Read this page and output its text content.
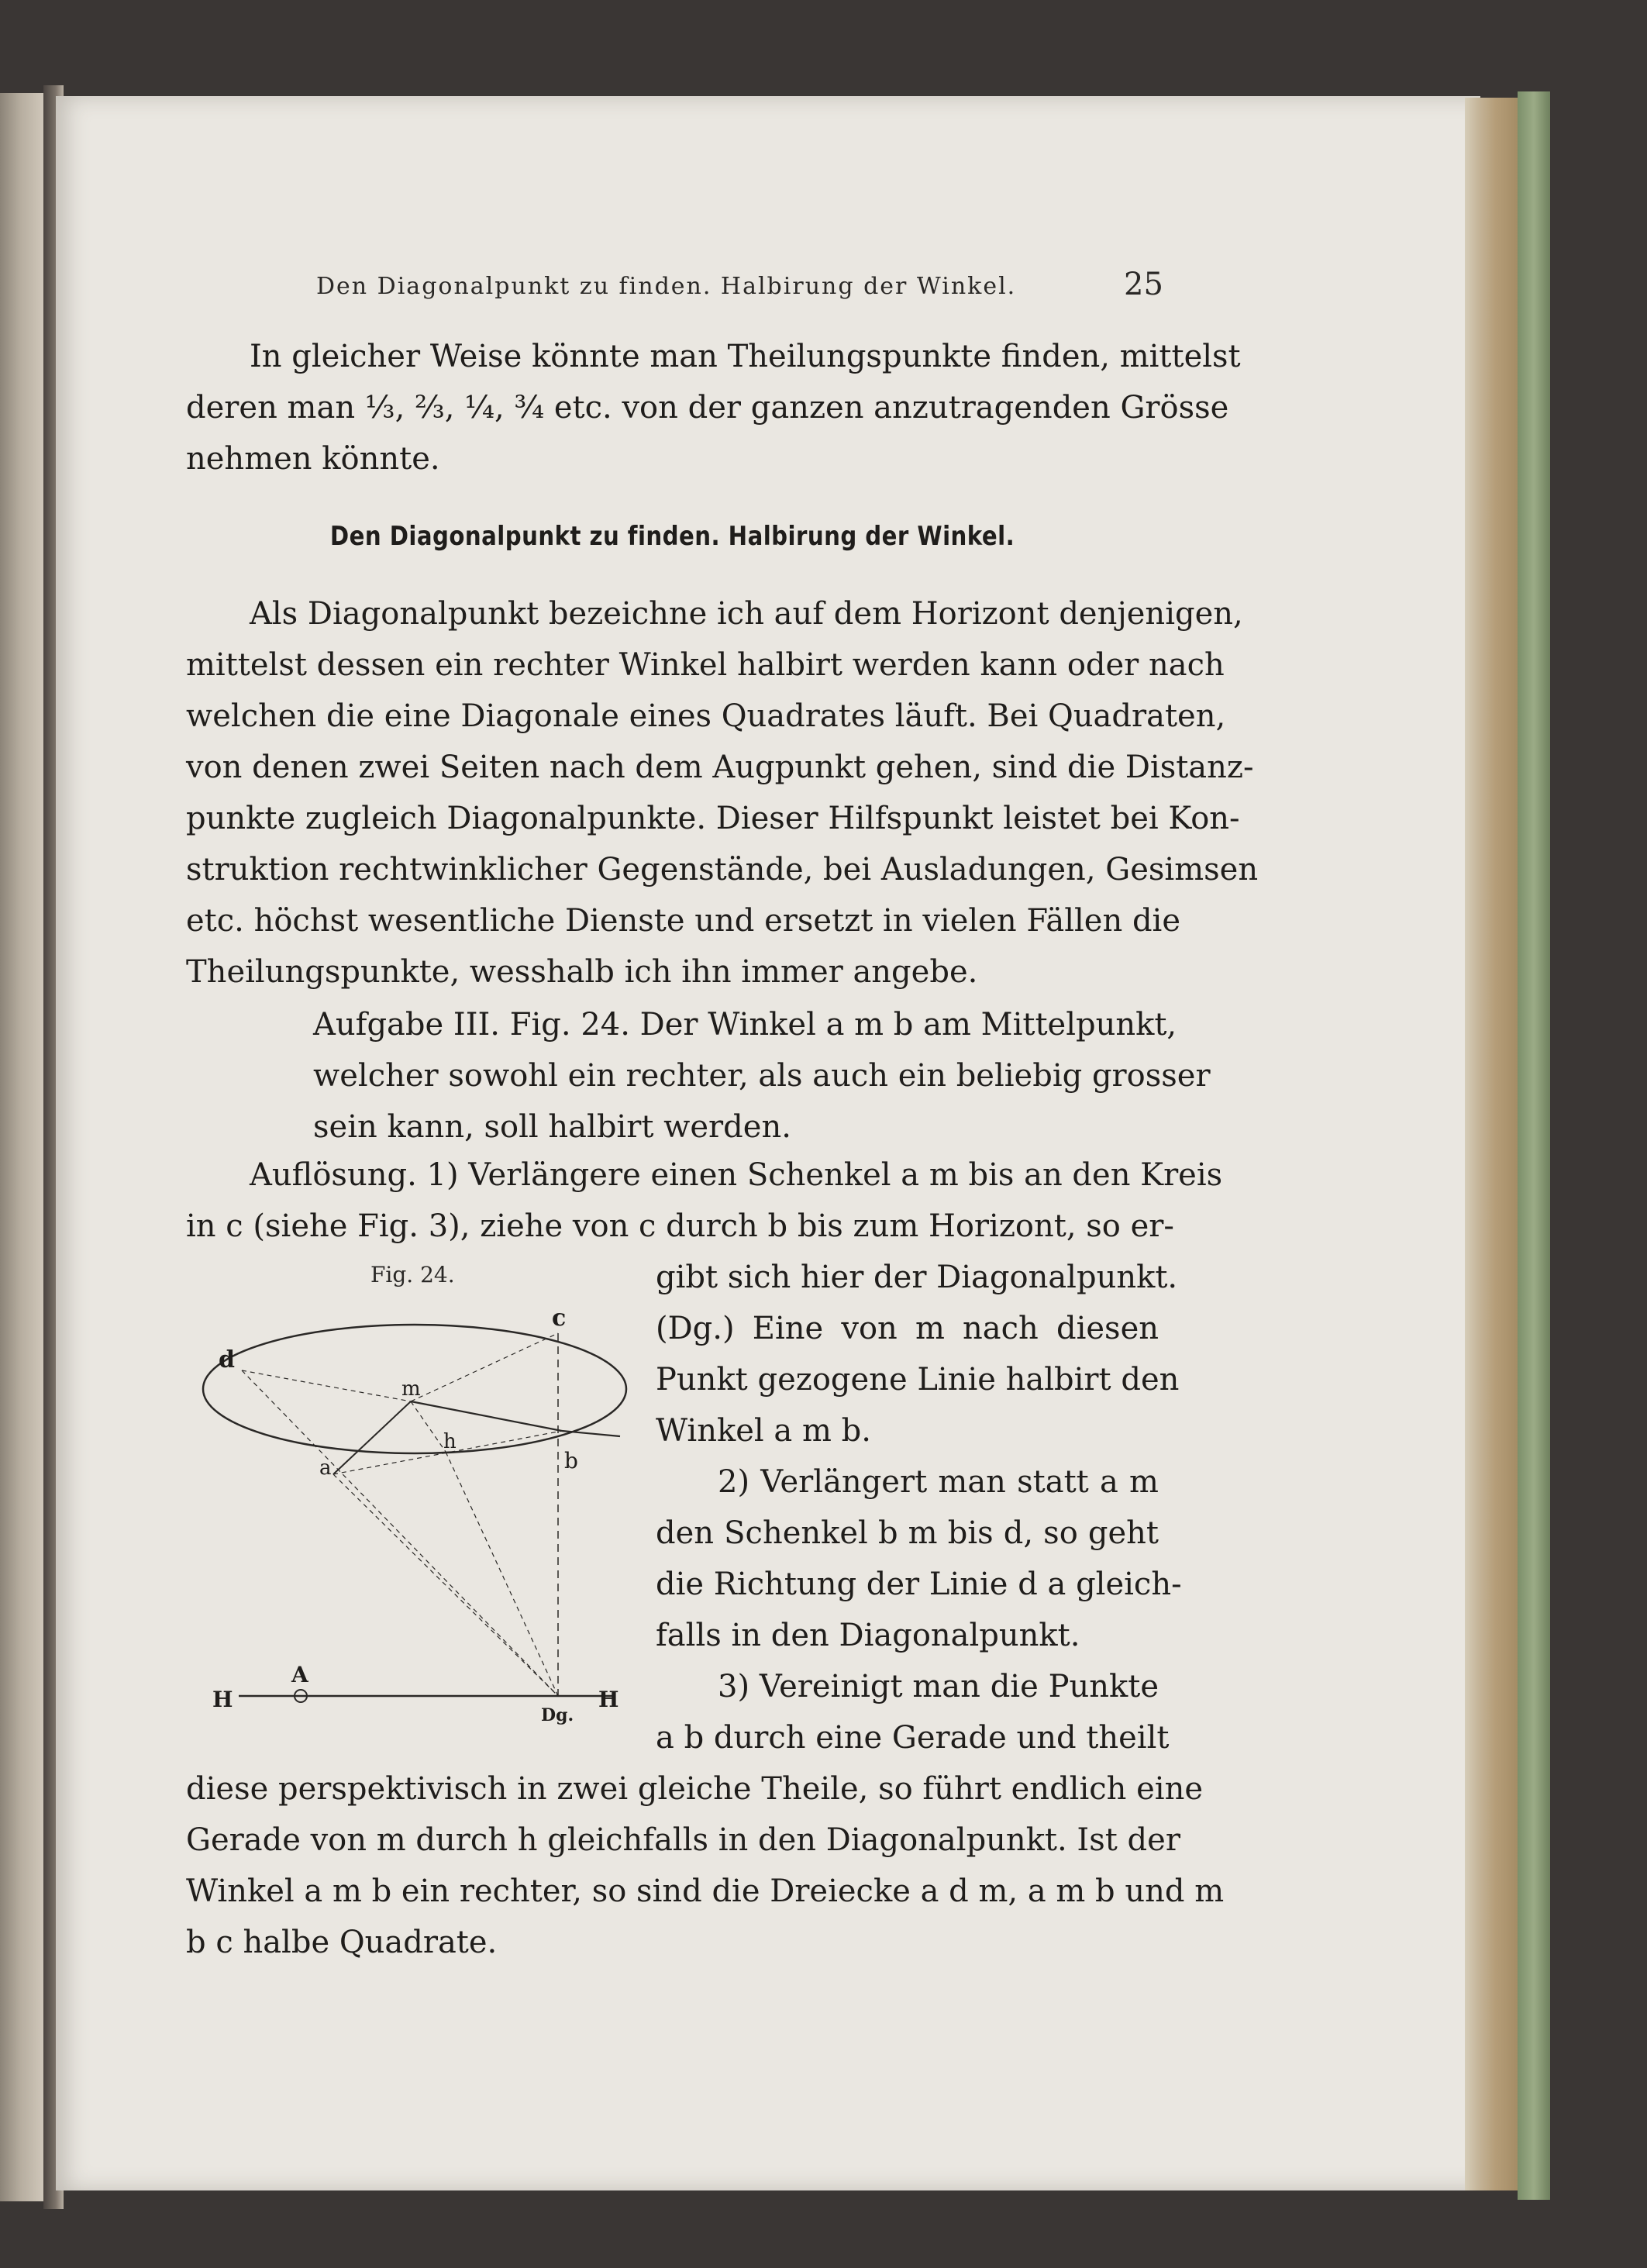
Den Diagonalpunkt zu finden. Halbirung der Winkel.	25
In gleicher Weise könnte man Theilungspunkte finden, mittelst
deren man ⅓, ⅔, ¼, ¾ etc. von der ganzen anzutragenden Grösse
nehmen könnte.
Den Diagonalpunkt zu finden. Halbirung der Winkel.
Als Diagonalpunkt bezeichne ich auf dem Horizont denjenigen,
mittelst dessen ein rechter Winkel halbirt werden kann oder nach
welchen die eine Diagonale eines Quadrates läuft. Bei Quadraten,
von denen zwei Seiten nach dem Augpunkt gehen, sind die Distanz-
punkte zugleich Diagonalpunkte. Dieser Hilfspunkt leistet bei Kon-
struktion rechtwinklicher Gegenstände, bei Ausladungen, Gesimsen
etc. höchst wesentliche Dienste und ersetzt in vielen Fällen die
Theilungspunkte, wesshalb ich ihn immer angebe.
Aufgabe III. Fig. 24. Der Winkel a m b am Mittelpunkt,
welcher sowohl ein rechter, als auch ein beliebig grosser
sein kann, soll halbirt werden.
Auflösung. 1) Verlängere einen Schenkel a m bis an den Kreis
in c (siehe Fig. 3), ziehe von c durch b bis zum Horizont, so er-
Fig. 24.	gibt sich hier der Diagonalpunkt.
(Dg.) Eine von m nach diesen
Punkt gezogene Linie halbirt den
Winkel a m b.
2) Verlängert man statt a m
den Schenkel b m bis d, so geht
die Richtung der Linie d a gleich-
falls in den Diagonalpunkt.
3) Vereinigt man die Punkte
a b durch eine Gerade und theilt
diese perspektivisch in zwei gleiche Theile, so führt endlich eine
Gerade von m durch h gleichfalls in den Diagonalpunkt. Ist der
Winkel a m b ein rechter, so sind die Dreiecke a d m, a m b und m
b c halbe Quadrate.
c
d
m
h
a	b
A
H	H
Dg.
